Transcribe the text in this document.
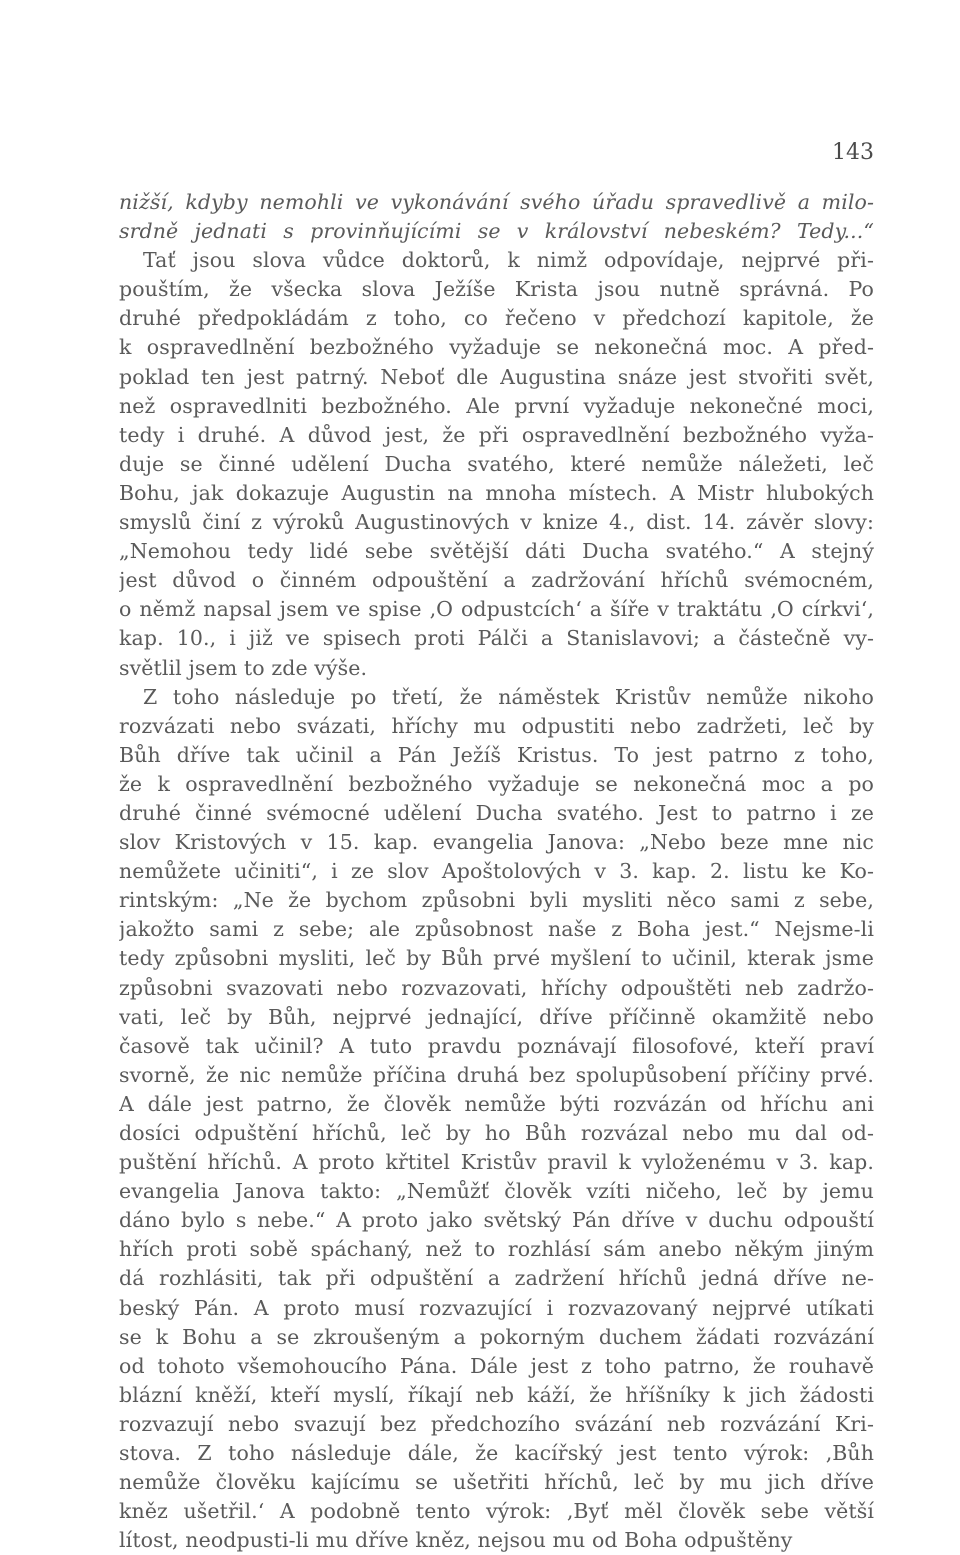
143
nižší, kdyby nemohli ve vykonávání svého úřadu spravedlivě a milo-
srdně jednati s provinňujícími se v království nebeském? Tedy...“
Tať jsou slova vůdce doktorů, k nimž odpovídaje, nejprvé při-
pouštím, že všecka slova Ježíše Krista jsou nutně správná. Po
druhé předpokládám z toho, co řečeno v předchozí kapitole, že
k ospravedlnění bezbožného vyžaduje se nekonečná moc. A před-
poklad ten jest patrný. Neboť dle Augustina snáze jest stvořiti svět,
než ospravedlniti bezbožného. Ale první vyžaduje nekonečné moci,
tedy i druhé. A důvod jest, že při ospravedlnění bezbožného vyža-
duje se činné udělení Ducha svatého, které nemůže náležeti, leč
Bohu, jak dokazuje Augustin na mnoha místech. A Mistr hlubokých
smyslů činí z výroků Augustinových v knize 4., dist. 14. závěr slovy:
„Nemohou tedy lidé sebe světější dáti Ducha svatého.“ A stejný
jest důvod o činném odpouštění a zadržování hříchů svémocném,
o němž napsal jsem ve spise ‚O odpustcích‘ a šíře v traktátu ‚O církvi‘,
kap. 10., i již ve spisech proti Pálči a Stanislavovi; a částečně vy-
světlil jsem to zde výše.
Z toho následuje po třetí, že náměstek Kristův nemůže nikoho
rozvázati nebo svázati, hříchy mu odpustiti nebo zadržeti, leč by
Bůh dříve tak učinil a Pán Ježíš Kristus. To jest patrno z toho,
že k ospravedlnění bezbožného vyžaduje se nekonečná moc a po
druhé činné svémocné udělení Ducha svatého. Jest to patrno i ze
slov Kristových v 15. kap. evangelia Janova: „Nebo beze mne nic
nemůžete učiniti“, i ze slov Apoštolových v 3. kap. 2. listu ke Ko-
rintským: „Ne že bychom způsobni byli mysliti něco sami z sebe,
jakožto sami z sebe; ale způsobnost naše z Boha jest.“ Nejsme-li
tedy způsobni mysliti, leč by Bůh prvé myšlení to učinil, kterak jsme
způsobni svazovati nebo rozvazovati, hříchy odpouštěti neb zadržo-
vati, leč by Bůh, nejprvé jednající, dříve příčinně okamžitě nebo
časově tak učinil? A tuto pravdu poznávají filosofové, kteří praví
svorně, že nic nemůže příčina druhá bez spolupůsobení příčiny prvé.
A dále jest patrno, že člověk nemůže býti rozvázán od hříchu ani
dosíci odpuštění hříchů, leč by ho Bůh rozvázal nebo mu dal od-
puštění hříchů. A proto křtitel Kristův pravil k vyloženému v 3. kap.
evangelia Janova takto: „Nemůžť člověk vzíti ničeho, leč by jemu
dáno bylo s nebe.“ A proto jako světský Pán dříve v duchu odpouští
hřích proti sobě spáchaný, než to rozhlásí sám anebo někým jiným
dá rozhlásiti, tak při odpuštění a zadržení hříchů jedná dříve ne-
beský Pán. A proto musí rozvazující i rozvazovaný nejprvé utíkati
se k Bohu a se zkroušeným a pokorným duchem žádati rozvázání
od tohoto všemohoucího Pána. Dále jest z toho patrno, že rouhavě
blázní kněží, kteří myslí, říkají neb káží, že hříšníky k jich žádosti
rozvazují nebo svazují bez předchozího svázání neb rozvázání Kri-
stova. Z toho následuje dále, že kacířský jest tento výrok: ‚Bůh
nemůže člověku kajícímu se ušetřiti hříchů, leč by mu jich dříve
kněz ušetřil.‘ A podobně tento výrok: ‚Byť měl člověk sebe větší
lítost, neodpusti-li mu dříve kněz, nejsou mu od Boha odpuštěny
